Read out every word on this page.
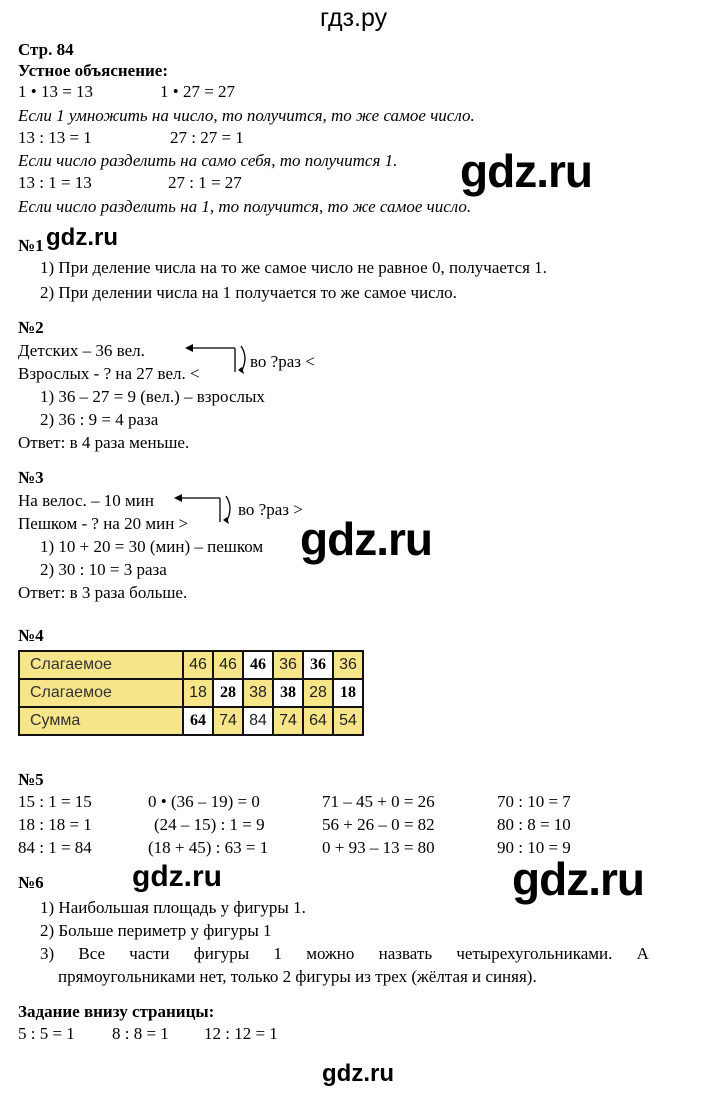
гдз.ру
Стр. 84
Устное объяснение:
1 • 13 = 13	1 • 27 = 27
Если 1 умножить на число, то получится, то же самое число.
13 : 13 = 1	27 : 27 = 1
Если число разделить на само себя, то получится 1.
13 : 1 = 13	27 : 1 = 27
Если число разделить на 1, то получится, то же самое число.
gdz.ru
gdz.ru
gdz.ru
gdz.ru	gdz.ru
gdz.ru
№1
1) При деление числа на то же самое число не равное 0, получается 1.
2) При делении числа на 1 получается то же самое число.
№2
Детских – 36 вел.
Взрослых - ? на 27 вел. <
во ?раз <
1) 36 – 27 = 9 (вел.) – взрослых
2) 36 : 9 = 4 раза
Ответ: в 4 раза меньше.
№3
На велос. – 10 мин
Пешком - ? на 20 мин >
во ?раз >
1) 10 + 20 = 30 (мин) – пешком
2) 30 : 10 = 3 раза
Ответ: в 3 раза больше.
№4
Слагаемое	46	46	46	36	36	36
Слагаемое	18	28	38	38	28	18
Сумма	64	74	84	74	64	54
№5
15 : 1 = 15	0 • (36 – 19) = 0	71 – 45 + 0 = 26	70 : 10 = 7
18 : 18 = 1	(24 – 15) : 1 = 9	56 + 26 – 0 = 82	80 : 8 = 10
84 : 1 = 84	(18 + 45) : 63 = 1	0 + 93 – 13 = 80	90 : 10 = 9
№6
1) Наибольшая площадь у фигуры 1.
2) Больше периметр у фигуры 1
3) Все части фигуры 1 можно назвать четырехугольниками. А
прямоугольниками нет, только 2 фигуры из трех (жёлтая и синяя).
Задание внизу страницы:
5 : 5 = 1 8 : 8 = 1 12 : 12 = 1
